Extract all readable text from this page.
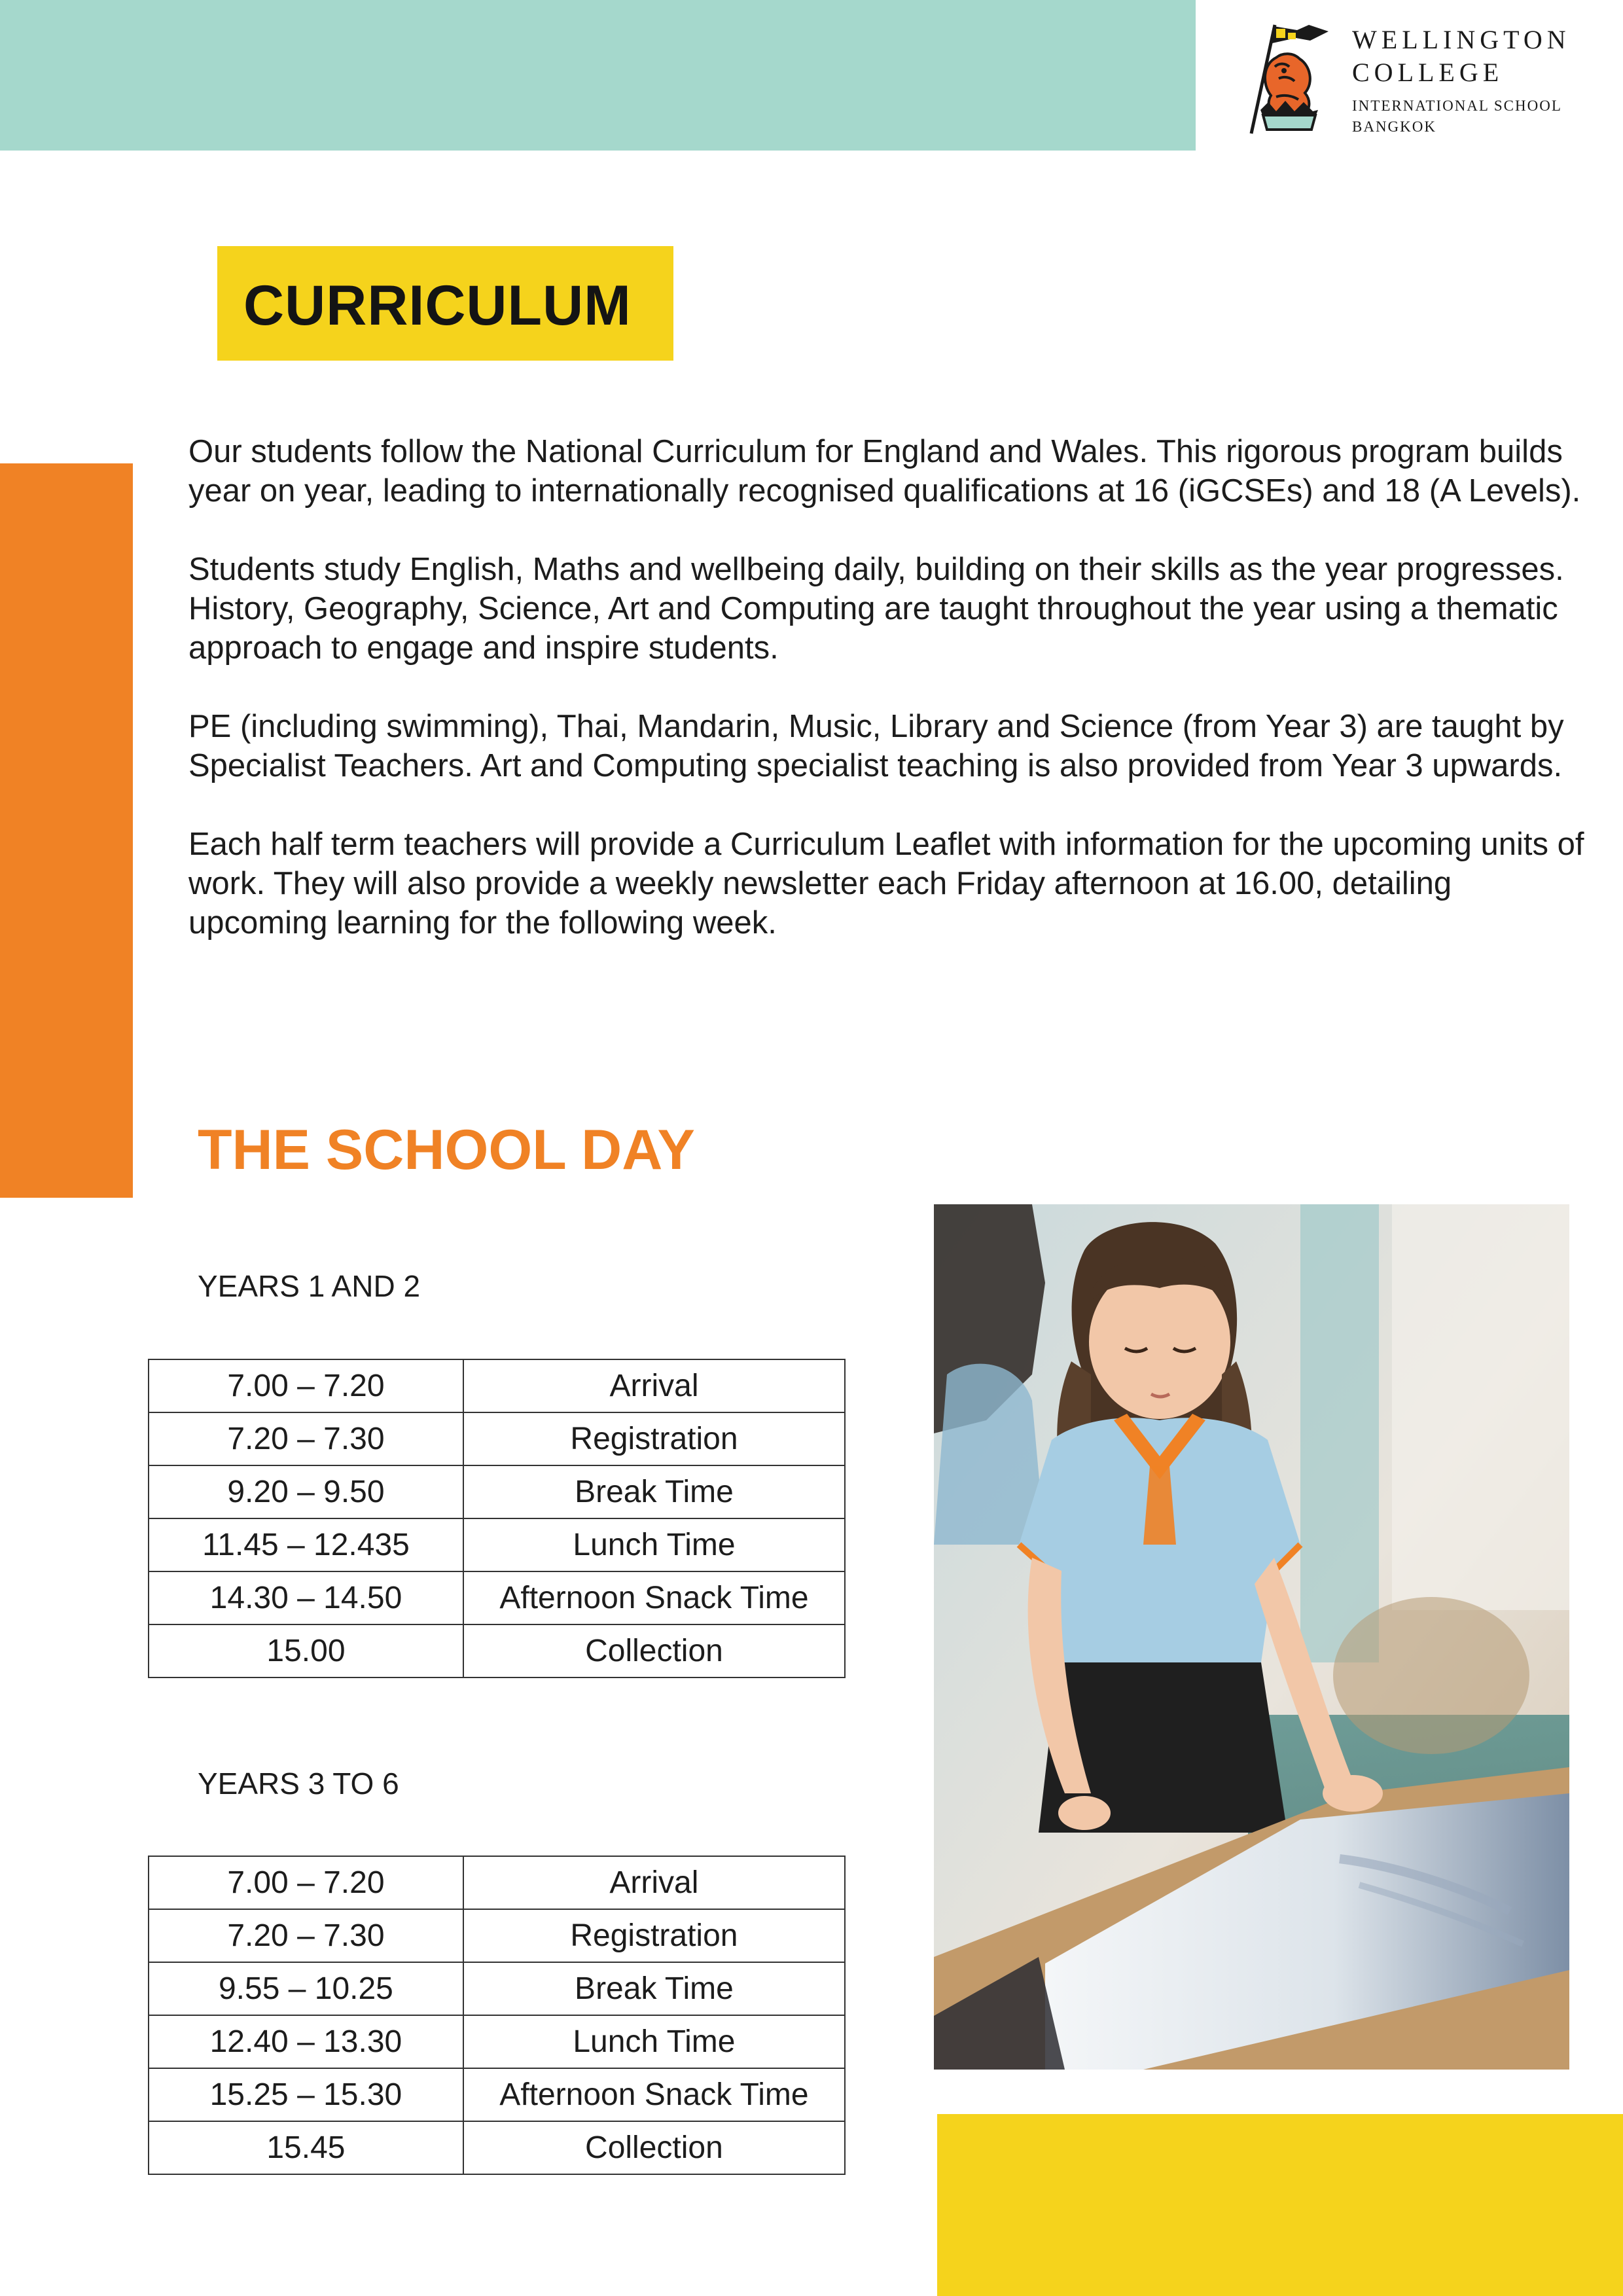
WELLINGTON
COLLEGE
INTERNATIONAL SCHOOL
BANGKOK
CURRICULUM

Our students follow the National Curriculum for England and Wales. This rigorous program builds year on year, leading to internationally recognised qualifications at 16 (iGCSEs) and 18 (A Levels).

Students study English, Maths and wellbeing daily, building on their skills as the year progresses. History, Geography, Science, Art and Computing are taught throughout the year using a thematic approach to engage and inspire students.

PE (including swimming), Thai, Mandarin, Music, Library and Science (from Year 3) are taught by Specialist Teachers. Art and Computing specialist teaching is also provided from Year 3 upwards.

Each half term teachers will provide a Curriculum Leaflet with information for the upcoming units of work. They will also provide a weekly newsletter each Friday afternoon at 16.00, detailing upcoming learning for the following week.

THE SCHOOL DAY
YEARS 1 AND 2
7.00 – 7.20	Arrival
7.20 – 7.30	Registration
9.20 – 9.50	Break Time
11.45 – 12.435	Lunch Time
14.30 – 14.50	Afternoon Snack Time
15.00	Collection
YEARS 3 TO 6
7.00 – 7.20	Arrival
7.20 – 7.30	Registration
9.55 – 10.25	Break Time
12.40 – 13.30	Lunch Time
15.25 – 15.30	Afternoon Snack Time
15.45	Collection
